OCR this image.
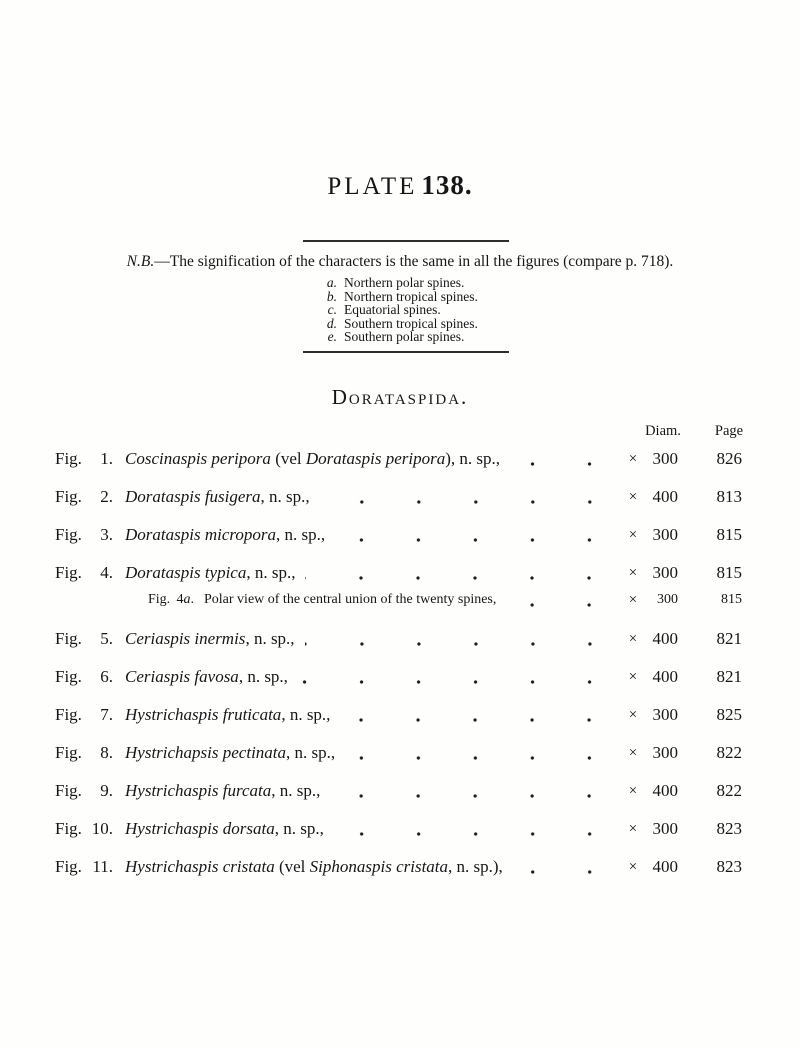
PLATE 138.
N.B.—The signification of the characters is the same in all the figures (compare p. 718).
a. Northern polar spines.
b. Northern tropical spines.
c. Equatorial spines.
d. Southern tropical spines.
e. Southern polar spines.
Dorataspida.
Diam.	Page
Fig. 1. Coscinaspis peripora (vel Dorataspis peripora), n. sp.,	× 300	826
Fig. 2. Dorataspis fusigera, n. sp.,	× 400	813
Fig. 3. Dorataspis micropora, n. sp.,	× 300	815
Fig. 4. Dorataspis typica, n. sp.,	× 300	815
Fig. 4a. Polar view of the central union of the twenty spines,	×	300	815
Fig. 5. Ceriaspis inermis, n. sp.,	× 400	821
Fig. 6. Ceriaspis favosa, n. sp.,	× 400	821
Fig. 7. Hystrichaspis fruticata, n. sp.,	× 300	825
Fig. 8. Hystrichapsis pectinata, n. sp.,	× 300	822
Fig. 9. Hystrichaspis furcata, n. sp.,	× 400	822
Fig. 10. Hystrichaspis dorsata, n. sp.,	× 300	823
Fig. 11. Hystrichaspis cristata (vel Siphonaspis cristata, n. sp.),	× 400	823
